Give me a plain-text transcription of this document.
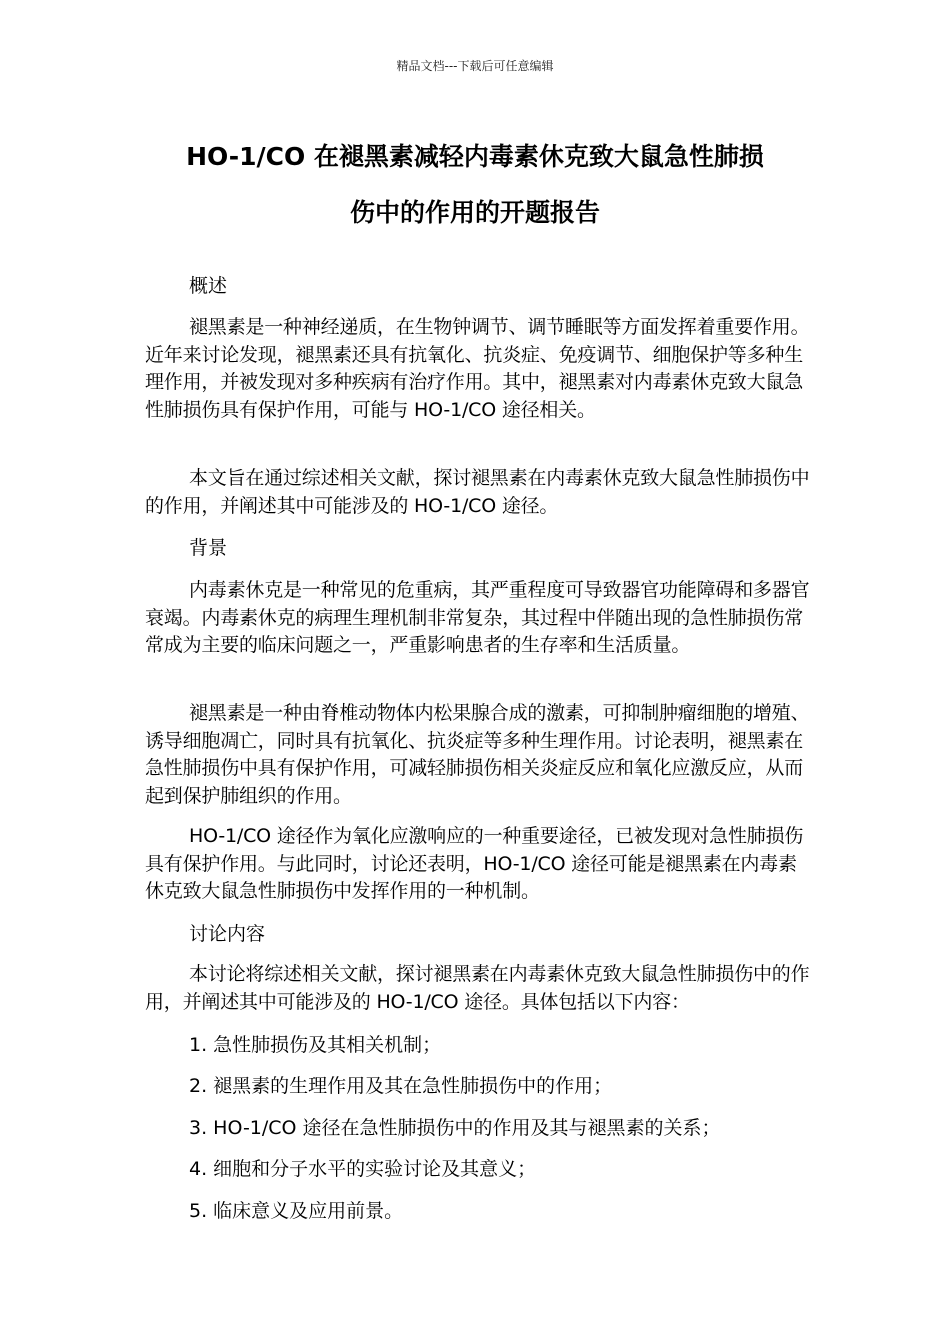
精品文档---下载后可任意编辑
HO-1/CO 在褪黑素减轻内毒素休克致大鼠急性肺损
伤中的作用的开题报告
概述

褪黑素是一种神经递质，在生物钟调节、调节睡眠等方面发挥着重要作用。近年来讨论发现，褪黑素还具有抗氧化、抗炎症、免疫调节、细胞保护等多种生理作用，并被发现对多种疾病有治疗作用。其中，褪黑素对内毒素休克致大鼠急性肺损伤具有保护作用，可能与 HO-1/CO 途径相关。

本文旨在通过综述相关文献，探讨褪黑素在内毒素休克致大鼠急性肺损伤中的作用，并阐述其中可能涉及的 HO-1/CO 途径。

背景

内毒素休克是一种常见的危重病，其严重程度可导致器官功能障碍和多器官衰竭。内毒素休克的病理生理机制非常复杂，其过程中伴随出现的急性肺损伤常常成为主要的临床问题之一，严重影响患者的生存率和生活质量。

褪黑素是一种由脊椎动物体内松果腺合成的激素，可抑制肿瘤细胞的增殖、诱导细胞凋亡，同时具有抗氧化、抗炎症等多种生理作用。讨论表明，褪黑素在急性肺损伤中具有保护作用，可减轻肺损伤相关炎症反应和氧化应激反应，从而起到保护肺组织的作用。

HO-1/CO 途径作为氧化应激响应的一种重要途径，已被发现对急性肺损伤具有保护作用。与此同时，讨论还表明，HO-1/CO 途径可能是褪黑素在内毒素休克致大鼠急性肺损伤中发挥作用的一种机制。

讨论内容

本讨论将综述相关文献，探讨褪黑素在内毒素休克致大鼠急性肺损伤中的作用，并阐述其中可能涉及的 HO-1/CO 途径。具体包括以下内容：

1. 急性肺损伤及其相关机制；
2. 褪黑素的生理作用及其在急性肺损伤中的作用；
3. HO-1/CO 途径在急性肺损伤中的作用及其与褪黑素的关系；
4. 细胞和分子水平的实验讨论及其意义；
5. 临床意义及应用前景。
